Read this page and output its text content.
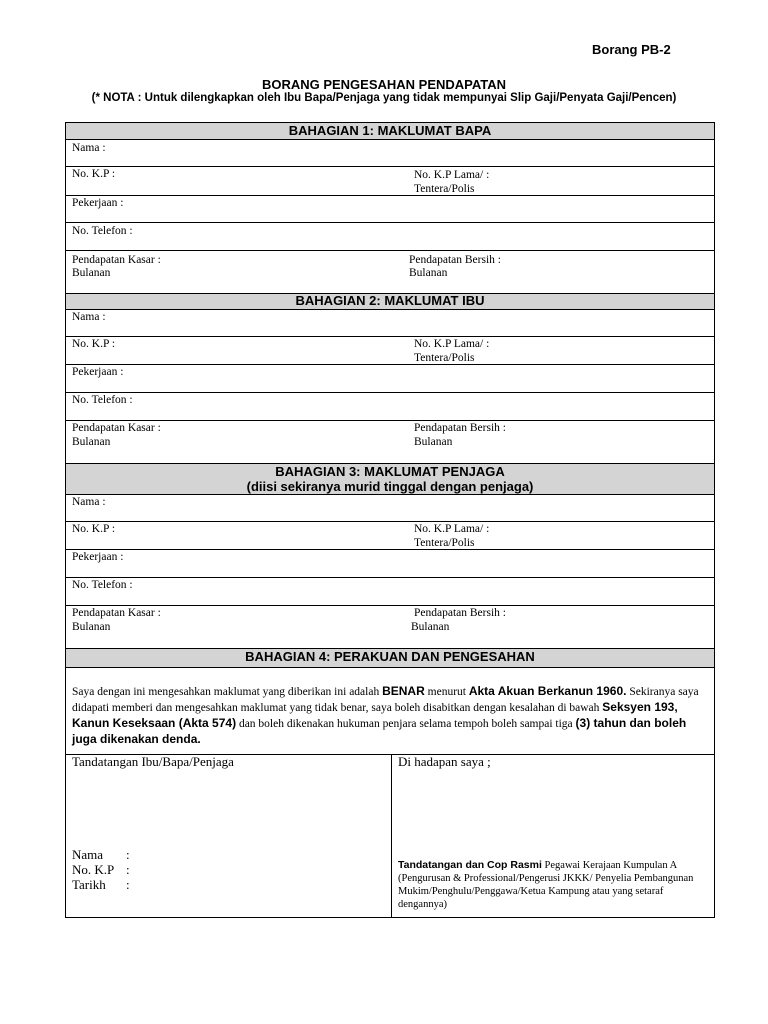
Borang PB-2
BORANG PENGESAHAN PENDAPATAN
(* NOTA : Untuk dilengkapkan oleh Ibu Bapa/Penjaga yang tidak mempunyai Slip Gaji/Penyata Gaji/Pencen)
BAHAGIAN 1: MAKLUMAT BAPA
Nama :
No. K.P :	No. K.P Lama/ :
Tentera/Polis
Pekerjaan :
No. Telefon :
Pendapatan Kasar :
Bulanan
Pendapatan Bersih :
Bulanan
BAHAGIAN 2: MAKLUMAT IBU
Nama :
No. K.P :	No. K.P Lama/ :
Tentera/Polis
Pekerjaan :
No. Telefon :
Pendapatan Kasar :
Bulanan
Pendapatan Bersih :
Bulanan
BAHAGIAN 3: MAKLUMAT PENJAGA
(diisi sekiranya murid tinggal dengan penjaga)
Nama :
No. K.P :	No. K.P Lama/ :
Tentera/Polis
Pekerjaan :
No. Telefon :
Pendapatan Kasar :
Bulanan
Pendapatan Bersih :
Bulanan
BAHAGIAN 4: PERAKUAN DAN PENGESAHAN
Saya dengan ini mengesahkan maklumat yang diberikan ini adalah BENAR menurut Akta Akuan Berkanun 1960. Sekiranya saya didapati memberi dan mengesahkan maklumat yang tidak benar, saya boleh disabitkan dengan kesalahan di bawah Seksyen 193, Kanun Keseksaan (Akta 574) dan boleh dikenakan hukuman penjara selama tempoh boleh sampai tiga (3) tahun dan boleh juga dikenakan denda.
Tandatangan Ibu/Bapa/Penjaga
Nama :
No. K.P :
Tarikh :
Di hadapan saya ;
Tandatangan dan Cop Rasmi Pegawai Kerajaan Kumpulan A (Pengurusan & Professional/Pengerusi JKKK/ Penyelia Pembangunan Mukim/Penghulu/Penggawa/Ketua Kampung atau yang setaraf dengannya)
